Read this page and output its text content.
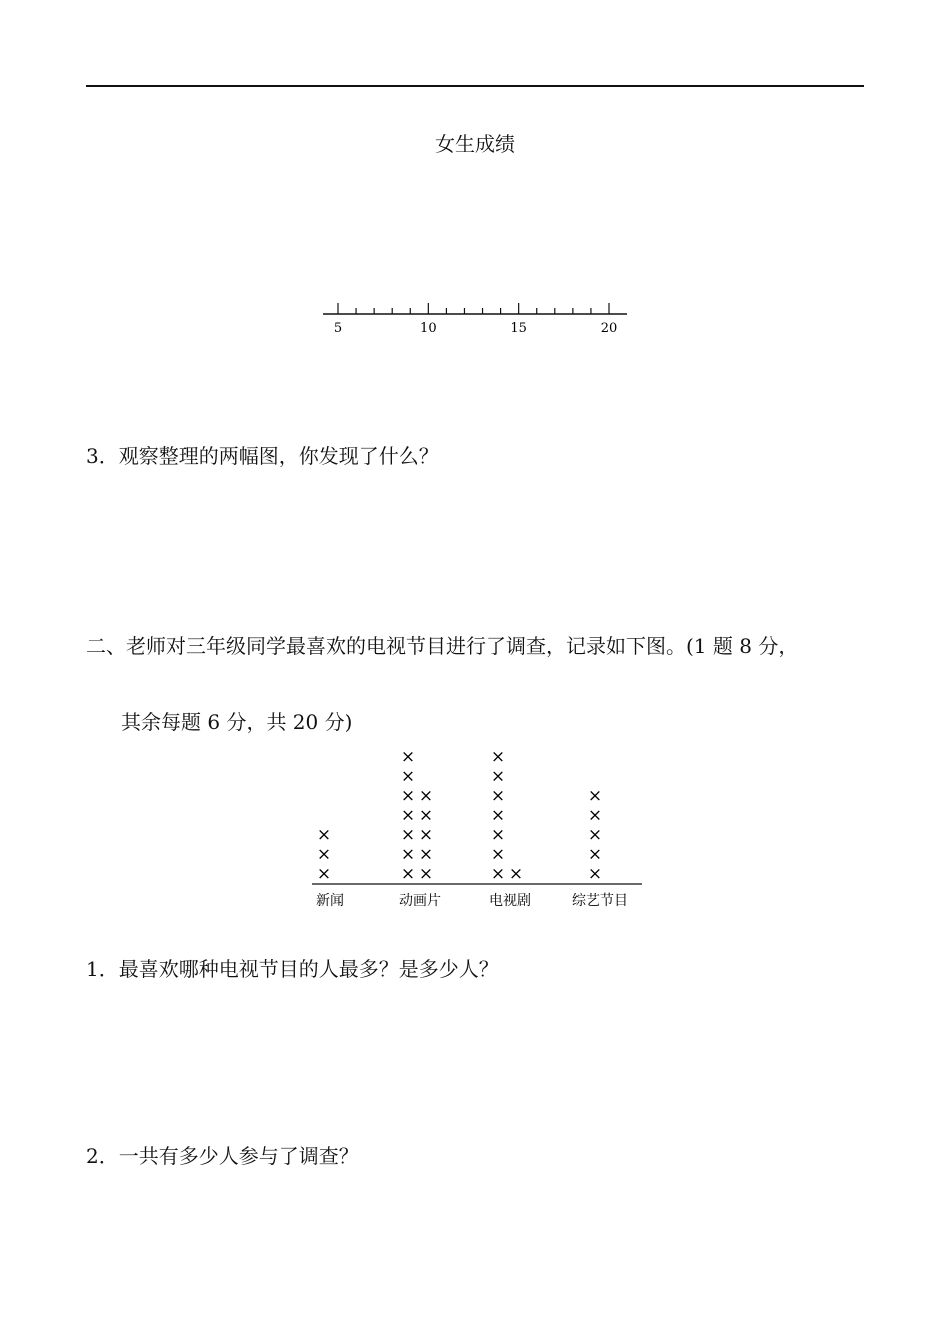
女生成绩
5	10	15	20
3．观察整理的两幅图，你发现了什么？
二、老师对三年级同学最喜欢的电视节目进行了调查，记录如下图。(1 题 8 分，
其余每题 6 分，共 20 分)
×
×
×
×
×
×
×
×
×
×
×
×
×
×
×
×
×
×
×
×
×
×
×	×
×
×
×
×
新闻	动画片	电视剧	综艺节目
1．最喜欢哪种电视节目的人最多？是多少人？
2．一共有多少人参与了调查？
